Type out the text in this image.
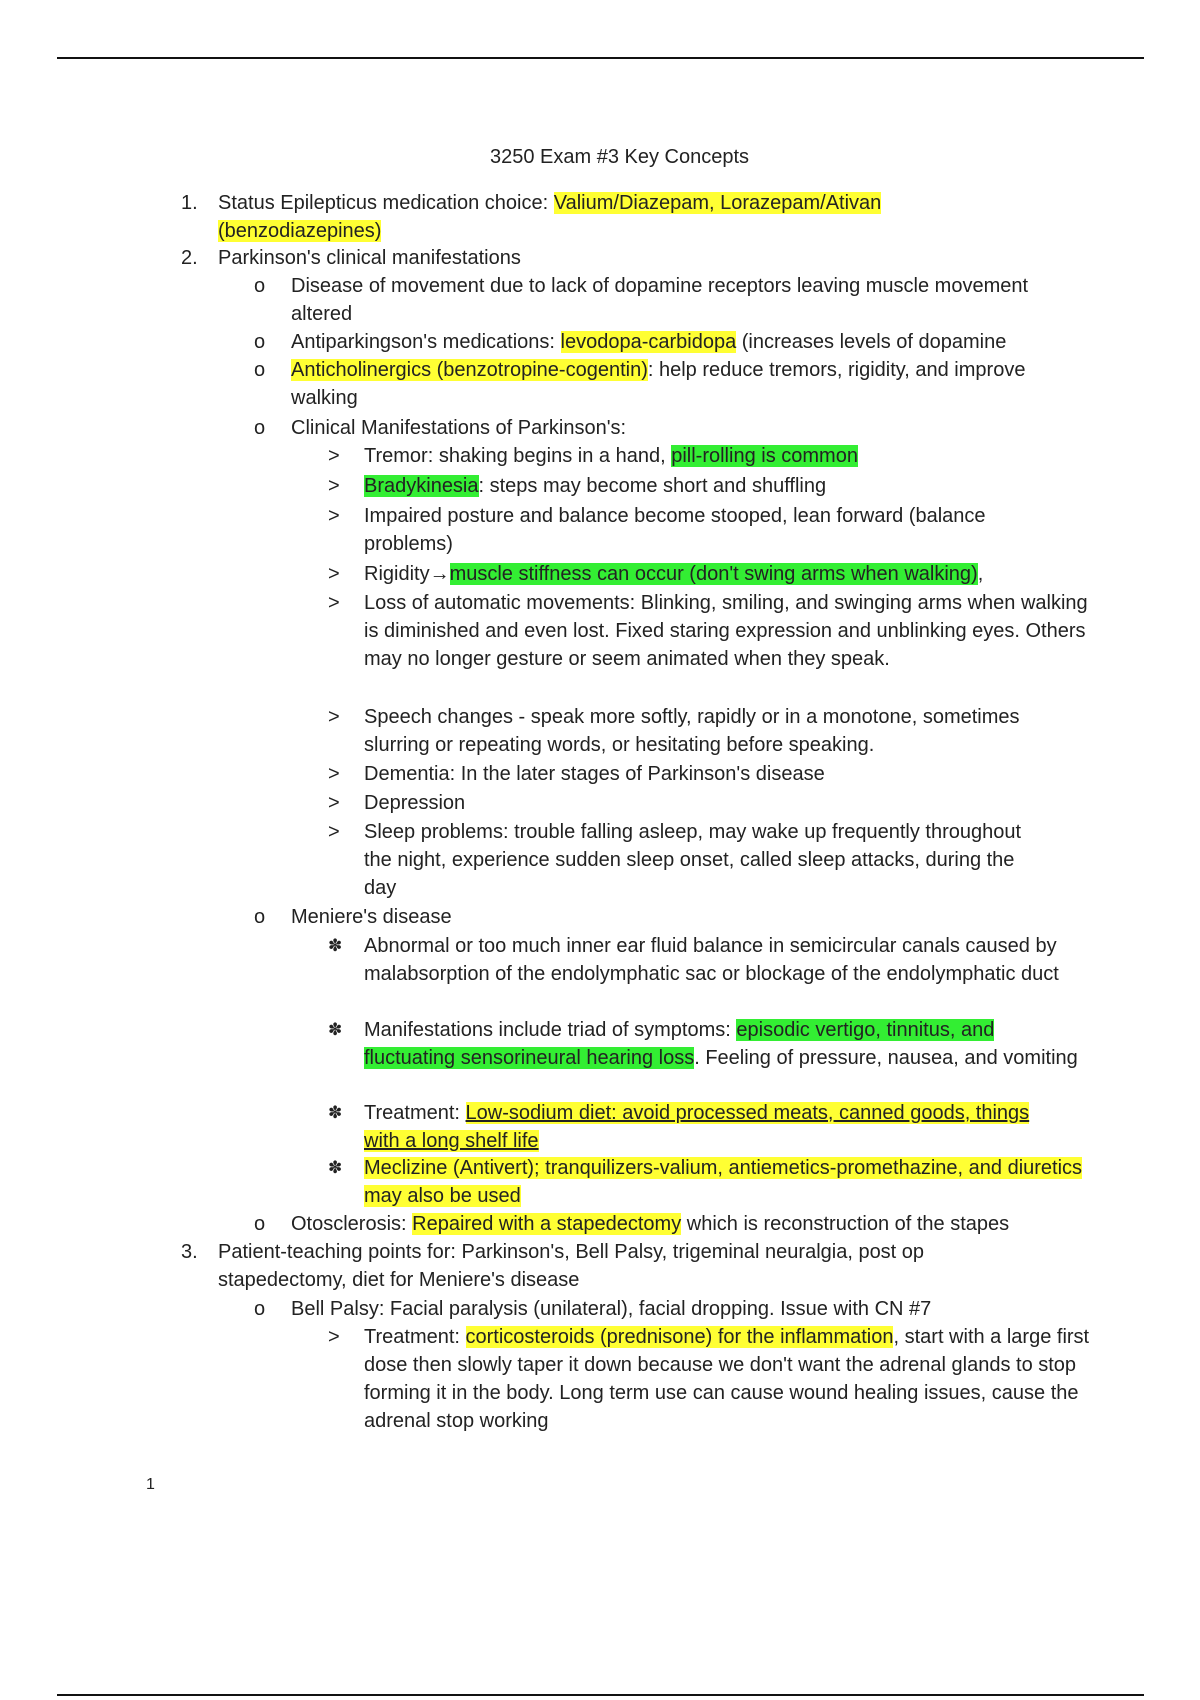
3250 Exam #3 Key Concepts
1. Status Epilepticus medication choice: Valium/Diazepam, Lorazepam/Ativan (benzodiazepines)
2. Parkinson's clinical manifestations
o Disease of movement due to lack of dopamine receptors leaving muscle movement altered
o Antiparkingson's medications: levodopa-carbidopa (increases levels of dopamine
o Anticholinergics (benzotropine-cogentin): help reduce tremors, rigidity, and improve walking
o Clinical Manifestations of Parkinson's:
> Tremor: shaking begins in a hand, pill-rolling is common
> Bradykinesia: steps may become short and shuffling
> Impaired posture and balance become stooped, lean forward (balance problems)
> Rigidity→muscle stiffness can occur (don't swing arms when walking),
> Loss of automatic movements: Blinking, smiling, and swinging arms when walking is diminished and even lost. Fixed staring expression and unblinking eyes. Others may no longer gesture or seem animated when they speak.
> Speech changes - speak more softly, rapidly or in a monotone, sometimes slurring or repeating words, or hesitating before speaking.
> Dementia: In the later stages of Parkinson's disease
> Depression
> Sleep problems: trouble falling asleep, may wake up frequently throughout the night, experience sudden sleep onset, called sleep attacks, during the day
o Meniere's disease
✽ Abnormal or too much inner ear fluid balance in semicircular canals caused by malabsorption of the endolymphatic sac or blockage of the endolymphatic duct
✽ Manifestations include triad of symptoms: episodic vertigo, tinnitus, and fluctuating sensorineural hearing loss. Feeling of pressure, nausea, and vomiting
✽ Treatment: Low-sodium diet: avoid processed meats, canned goods, things with a long shelf life
✽ Meclizine (Antivert); tranquilizers-valium, antiemetics-promethazine, and diuretics may also be used
o Otosclerosis: Repaired with a stapedectomy which is reconstruction of the stapes
3. Patient-teaching points for: Parkinson's, Bell Palsy, trigeminal neuralgia, post op stapedectomy, diet for Meniere's disease
o Bell Palsy: Facial paralysis (unilateral), facial dropping. Issue with CN #7
> Treatment: corticosteroids (prednisone) for the inflammation, start with a large first dose then slowly taper it down because we don't want the adrenal glands to stop forming it in the body. Long term use can cause wound healing issues, cause the adrenal stop working
1
